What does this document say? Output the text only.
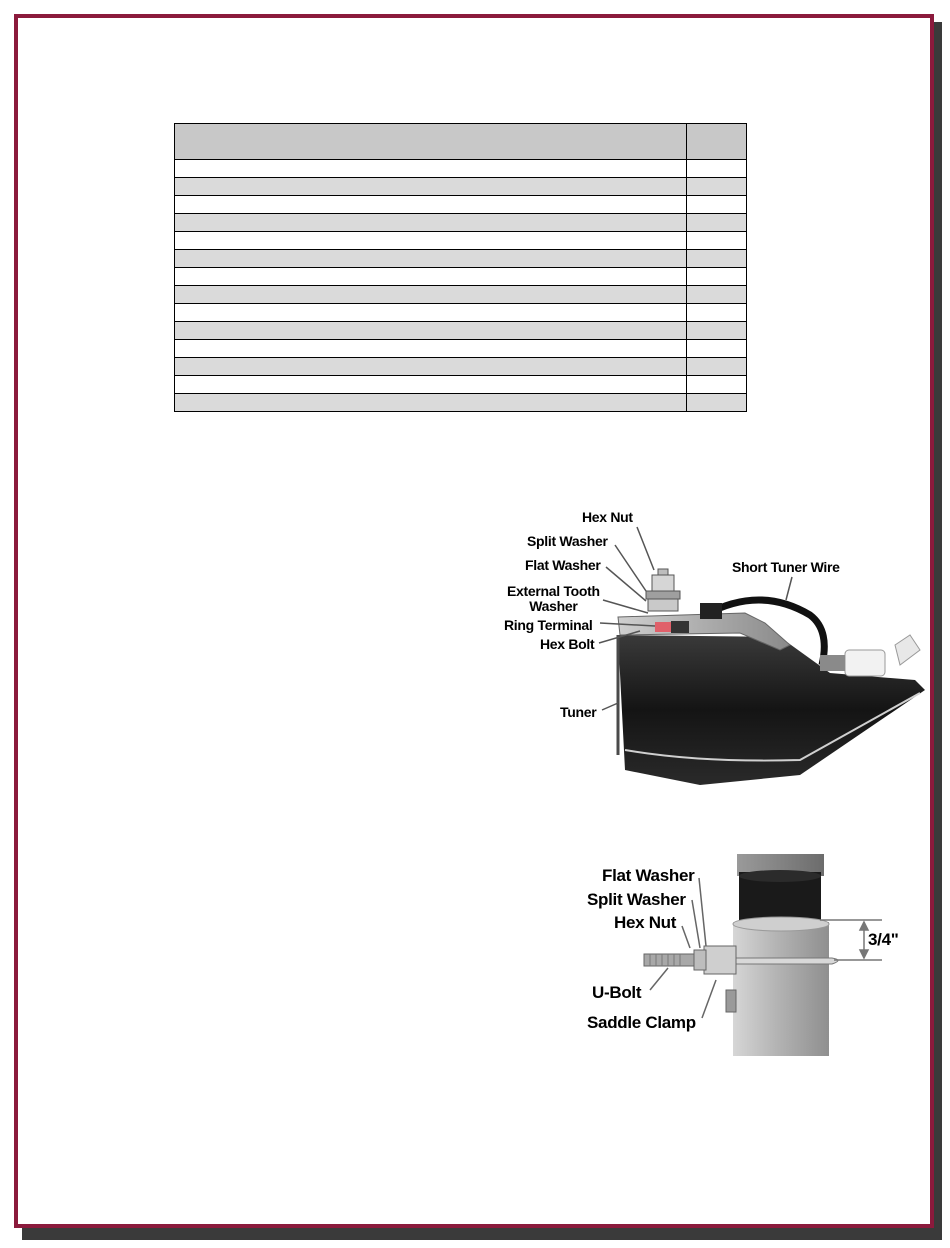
Hex Nut
Split Washer
Flat Washer
External Tooth
Washer
Ring Terminal
Hex Bolt
Tuner
Short Tuner Wire
Flat Washer
Split Washer
Hex Nut
U-Bolt
Saddle Clamp
3/4"
